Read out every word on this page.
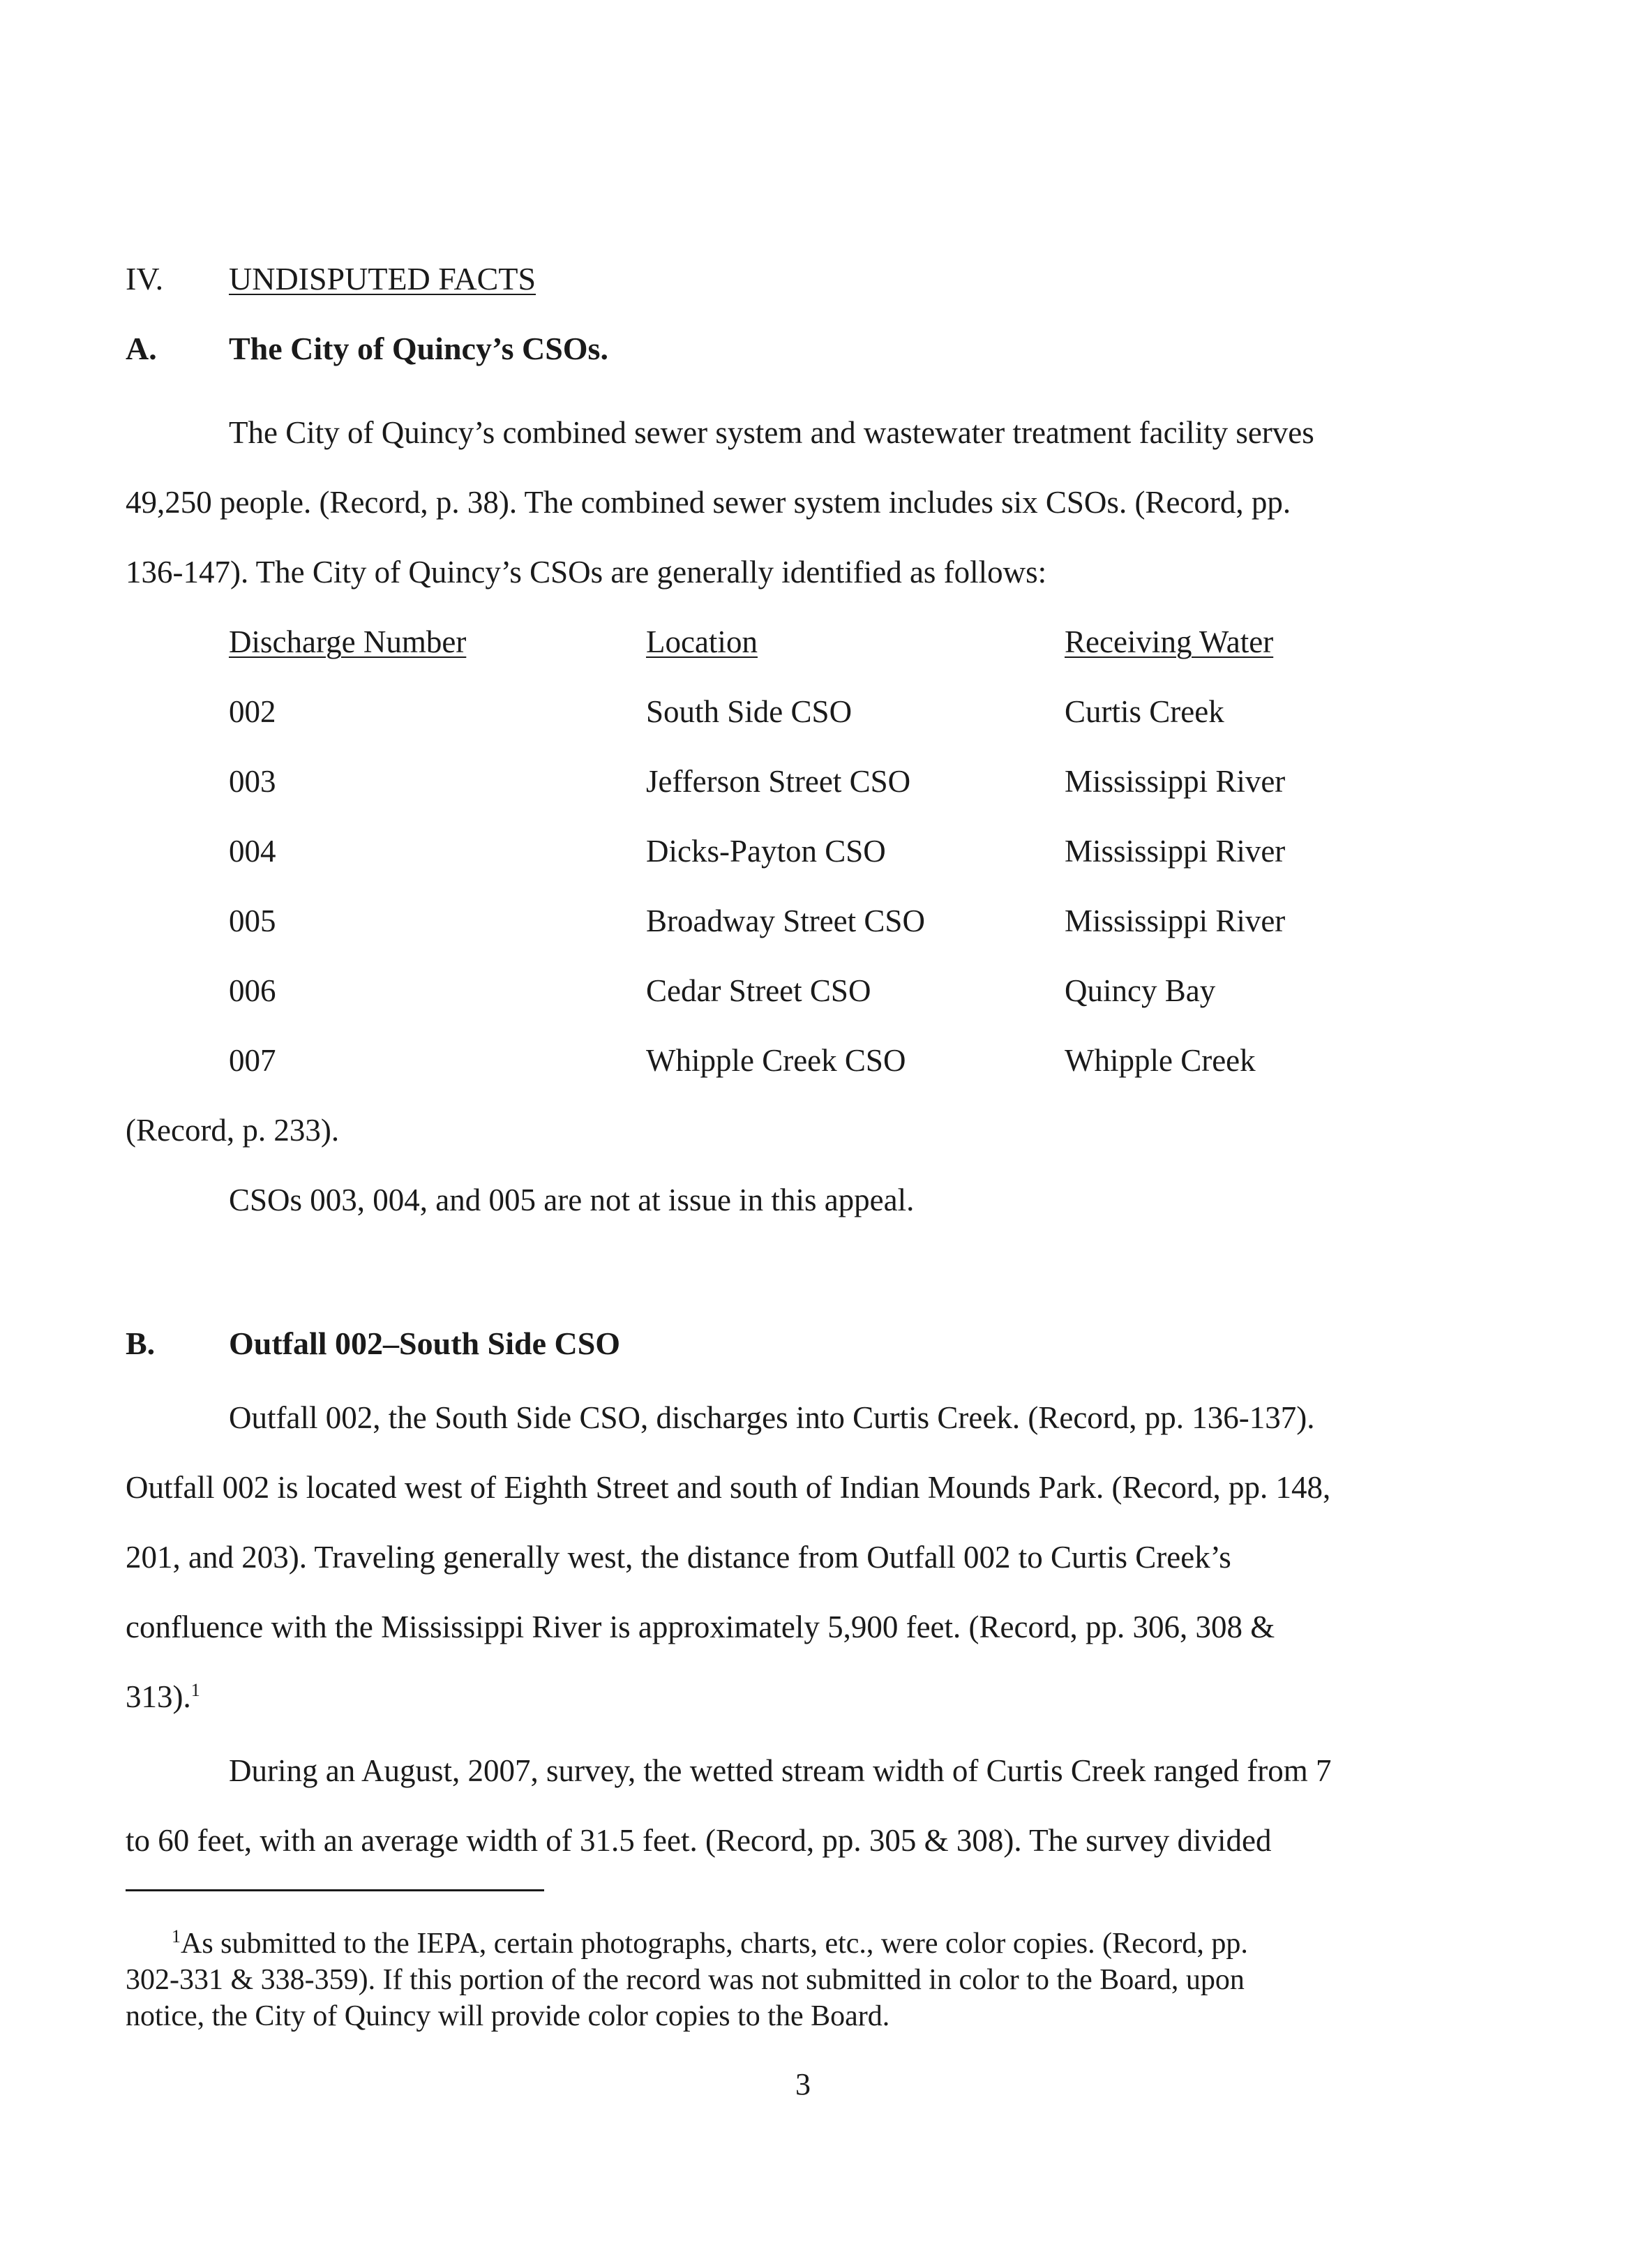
IV. UNDISPUTED FACTS
A. The City of Quincy’s CSOs.
The City of Quincy’s combined sewer system and wastewater treatment facility serves
49,250 people. (Record, p. 38). The combined sewer system includes six CSOs. (Record, pp.
136-147). The City of Quincy’s CSOs are generally identified as follows:
Discharge Number	Location	Receiving Water
002	South Side CSO	Curtis Creek
003	Jefferson Street CSO	Mississippi River
004	Dicks-Payton CSO	Mississippi River
005	Broadway Street CSO	Mississippi River
006	Cedar Street CSO	Quincy Bay
007	Whipple Creek CSO	Whipple Creek
(Record, p. 233).
CSOs 003, 004, and 005 are not at issue in this appeal.
B. Outfall 002–South Side CSO
Outfall 002, the South Side CSO, discharges into Curtis Creek. (Record, pp. 136-137).
Outfall 002 is located west of Eighth Street and south of Indian Mounds Park. (Record, pp. 148,
201, and 203). Traveling generally west, the distance from Outfall 002 to Curtis Creek’s
confluence with the Mississippi River is approximately 5,900 feet. (Record, pp. 306, 308 &
313).$^1$
During an August, 2007, survey, the wetted stream width of Curtis Creek ranged from 7
to 60 feet, with an average width of 31.5 feet. (Record, pp. 305 & 308). The survey divided
$^1$As submitted to the IEPA, certain photographs, charts, etc., were color copies. (Record, pp.
302-331 & 338-359). If this portion of the record was not submitted in color to the Board, upon
notice, the City of Quincy will provide color copies to the Board.
3
